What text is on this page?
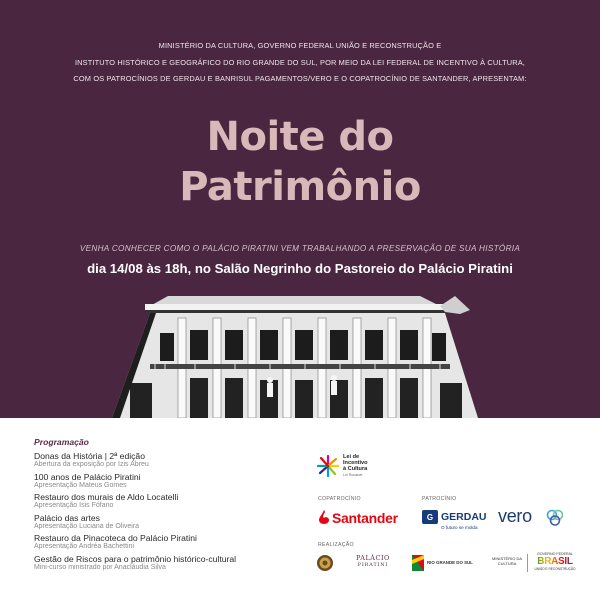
MINISTÉRIO DA CULTURA, GOVERNO FEDERAL UNIÃO E RECONSTRUÇÃO E
INSTITUTO HISTÓRICO E GEOGRÁFICO DO RIO GRANDE DO SUL, POR MEIO DA LEI FEDERAL DE INCENTIVO À CULTURA,
COM OS PATROCÍNIOS DE GERDAU E BANRISUL PAGAMENTOS/VERO E O COPATROCÍNIO DE SANTANDER, APRESENTAM:
Noite do
Patrimônio
VENHA CONHECER COMO O PALÁCIO PIRATINI VEM TRABALHANDO A PRESERVAÇÃO DE SUA HISTÓRIA
dia 14/08 às 18h, no Salão Negrinho do Pastoreio do Palácio Piratini
Programação
Donas da História | 2ª edição
Abertura da exposição por Izis Abreu
100 anos de Palácio Piratini
Apresentação Mateus Gomes
Restauro dos murais de Aldo Locatelli
Apresentação Isis Fófano
Palácio das artes
Apresentação Luciana de Oliveira
Restauro da Pinacoteca do Palácio Piratini
Apresentação Andréa Bachettini
Gestão de Riscos para o patrimônio histórico-cultural
Mini-curso ministrado por Anacláudia Silva
Lei de
Incentivo
à Cultura
Lei Rouanet
COPATROCÍNIO	PATROCÍNIO
Santander	G GERDAU
O futuro se molda
vero
REALIZAÇÃO
PALÁCIO
PIRATINI	RIO GRANDE DO SUL
MINISTÉRIO DA
CULTURA
GOVERNO FEDERAL
BRASIL
UNIÃO E RECONSTRUÇÃO
